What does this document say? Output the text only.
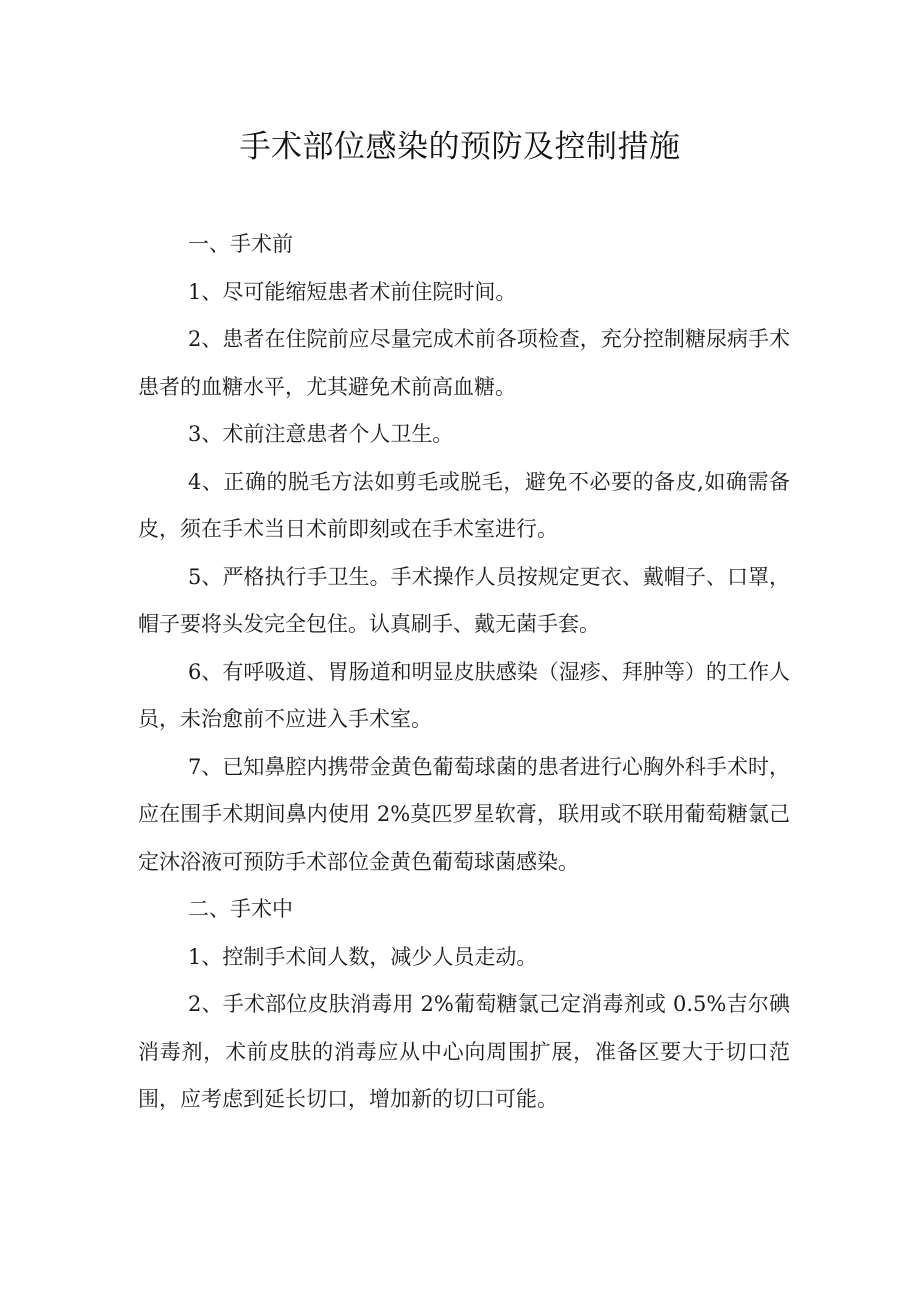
手术部位感染的预防及控制措施

一、手术前

1、尽可能缩短患者术前住院时间。

2、患者在住院前应尽量完成术前各项检查，充分控制糖尿病手术患者的血糖水平，尤其避免术前高血糖。

3、术前注意患者个人卫生。

4、正确的脱毛方法如剪毛或脱毛，避免不必要的备皮,如确需备皮，须在手术当日术前即刻或在手术室进行。

5、严格执行手卫生。手术操作人员按规定更衣、戴帽子、口罩，帽子要将头发完全包住。认真刷手、戴无菌手套。

6、有呼吸道、胃肠道和明显皮肤感染（湿疹、拜肿等）的工作人员，未治愈前不应进入手术室。

7、已知鼻腔内携带金黄色葡萄球菌的患者进行心胸外科手术时，应在围手术期间鼻内使用 2%莫匹罗星软膏，联用或不联用葡萄糖氯己定沐浴液可预防手术部位金黄色葡萄球菌感染。

二、手术中

1、控制手术间人数，减少人员走动。

2、手术部位皮肤消毒用 2%葡萄糖氯己定消毒剂或 0.5%吉尔碘消毒剂，术前皮肤的消毒应从中心向周围扩展，准备区要大于切口范围，应考虑到延长切口，增加新的切口可能。
